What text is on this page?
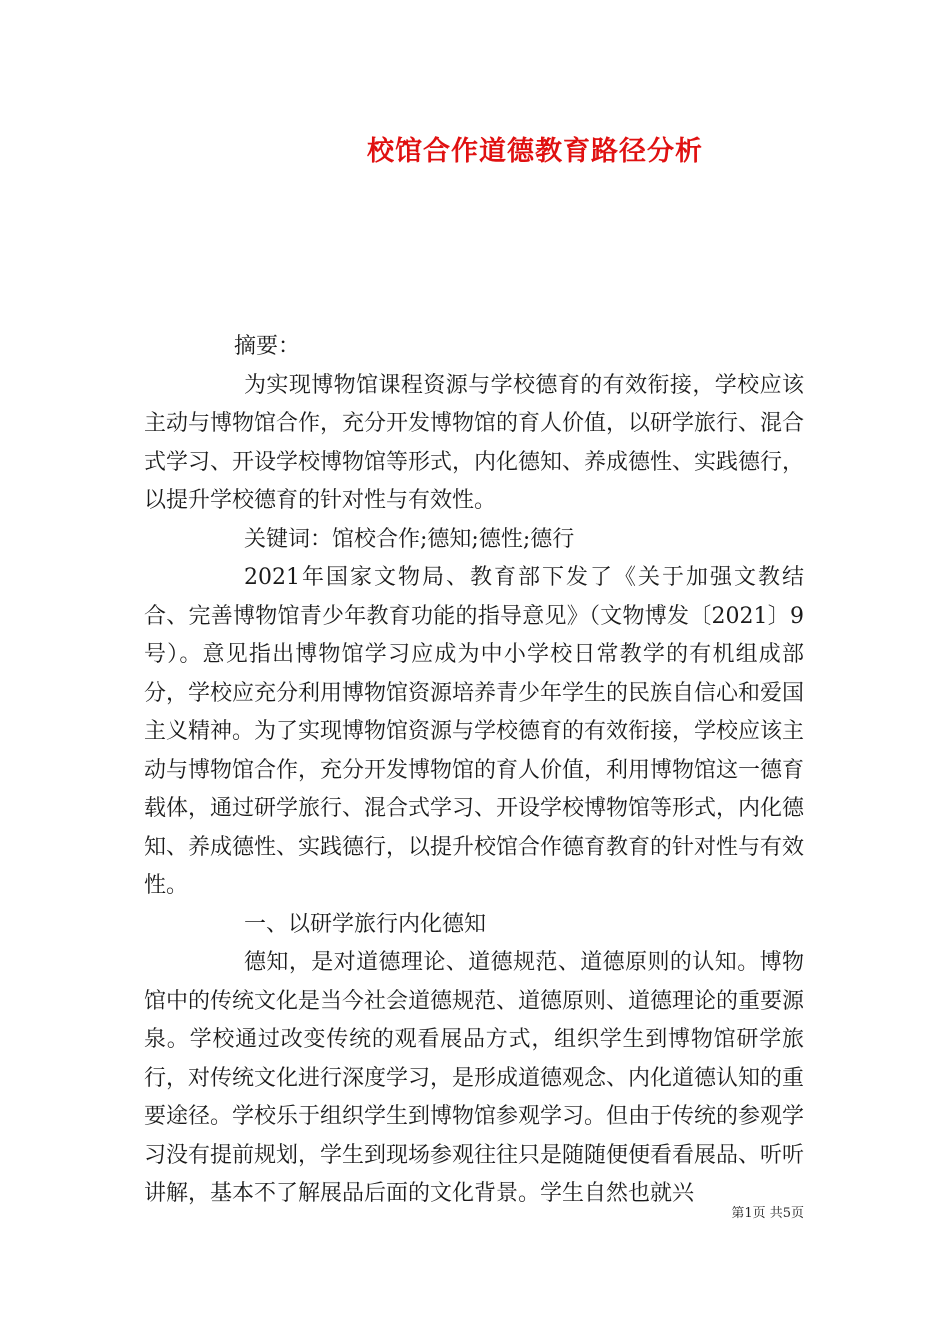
校馆合作道德教育路径分析

摘要：

为实现博物馆课程资源与学校德育的有效衔接，学校应该主动与博物馆合作，充分开发博物馆的育人价值，以研学旅行、混合式学习、开设学校博物馆等形式，内化德知、养成德性、实践德行，以提升学校德育的针对性与有效性。

关键词：馆校合作;德知;德性;德行

2021年国家文物局、教育部下发了《关于加强文教结合、完善博物馆青少年教育功能的指导意见》（文物博发〔2021〕9号）。意见指出博物馆学习应成为中小学校日常教学的有机组成部分，学校应充分利用博物馆资源培养青少年学生的民族自信心和爱国主义精神。为了实现博物馆资源与学校德育的有效衔接，学校应该主动与博物馆合作，充分开发博物馆的育人价值，利用博物馆这一德育载体，通过研学旅行、混合式学习、开设学校博物馆等形式，内化德知、养成德性、实践德行，以提升校馆合作德育教育的针对性与有效性。

一、以研学旅行内化德知

德知，是对道德理论、道德规范、道德原则的认知。博物馆中的传统文化是当今社会道德规范、道德原则、道德理论的重要源泉。学校通过改变传统的观看展品方式，组织学生到博物馆研学旅行，对传统文化进行深度学习，是形成道德观念、内化道德认知的重要途径。学校乐于组织学生到博物馆参观学习。但由于传统的参观学习没有提前规划，学生到现场参观往往只是随随便便看看展品、听听讲解，基本不了解展品后面的文化背景。学生自然也就兴

第1页 共5页
